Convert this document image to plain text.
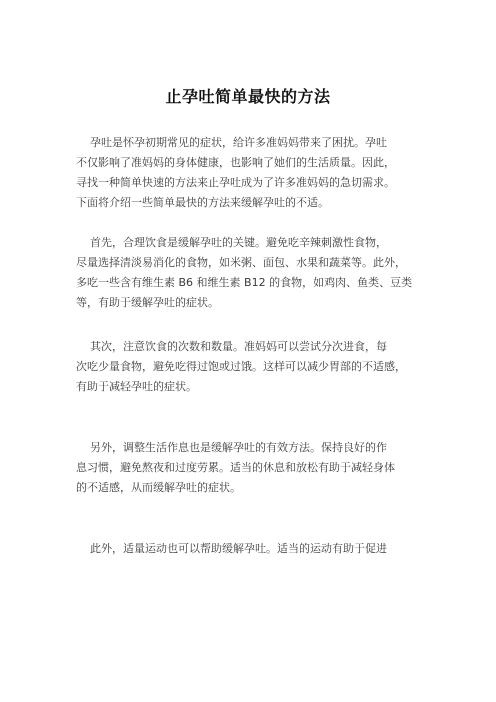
止孕吐简单最快的方法
孕吐是怀孕初期常见的症状，给许多准妈妈带来了困扰。孕吐
不仅影响了准妈妈的身体健康，也影响了她们的生活质量。因此，
寻找一种简单快速的方法来止孕吐成为了许多准妈妈的急切需求。
下面将介绍一些简单最快的方法来缓解孕吐的不适。
首先，合理饮食是缓解孕吐的关键。避免吃辛辣刺激性食物，
尽量选择清淡易消化的食物，如米粥、面包、水果和蔬菜等。此外，
多吃一些含有维生素 B6 和维生素 B12 的食物，如鸡肉、鱼类、豆类
等，有助于缓解孕吐的症状。
其次，注意饮食的次数和数量。准妈妈可以尝试分次进食，每
次吃少量食物，避免吃得过饱或过饿。这样可以减少胃部的不适感，
有助于减轻孕吐的症状。
另外，调整生活作息也是缓解孕吐的有效方法。保持良好的作
息习惯，避免熬夜和过度劳累。适当的休息和放松有助于减轻身体
的不适感，从而缓解孕吐的症状。
此外，适量运动也可以帮助缓解孕吐。适当的运动有助于促进
